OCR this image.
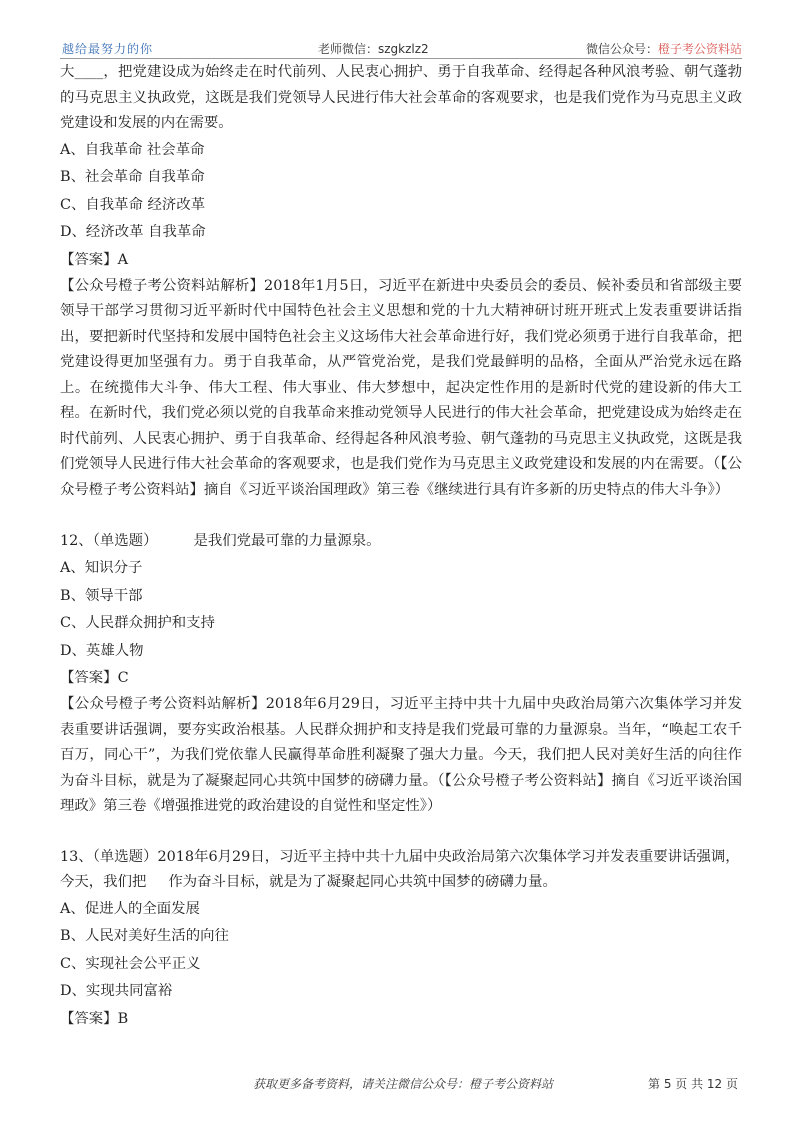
越给最努力的你	老师微信：szgkzlz2	微信公众号：橙子考公资料站

大____，把党建设成为始终走在时代前列、人民衷心拥护、勇于自我革命、经得起各种风浪考验、朝气蓬勃的马克思主义执政党，这既是我们党领导人民进行伟大社会革命的客观要求，也是我们党作为马克思主义政党建设和发展的内在需要。

A、自我革命 社会革命
B、社会革命 自我革命
C、自我革命 经济改革
D、经济改革 自我革命
【答案】A

【公众号橙子考公资料站解析】2018年1月5日，习近平在新进中央委员会的委员、候补委员和省部级主要领导干部学习贯彻习近平新时代中国特色社会主义思想和党的十九大精神研讨班开班式上发表重要讲话指出，要把新时代坚持和发展中国特色社会主义这场伟大社会革命进行好，我们党必须勇于进行自我革命，把党建设得更加坚强有力。勇于自我革命，从严管党治党，是我们党最鲜明的品格，全面从严治党永远在路上。在统揽伟大斗争、伟大工程、伟大事业、伟大梦想中，起决定性作用的是新时代党的建设新的伟大工程。在新时代，我们党必须以党的自我革命来推动党领导人民进行的伟大社会革命，把党建设成为始终走在时代前列、人民衷心拥护、勇于自我革命、经得起各种风浪考验、朝气蓬勃的马克思主义执政党，这既是我们党领导人民进行伟大社会革命的客观要求，也是我们党作为马克思主义政党建设和发展的内在需要。（【公众号橙子考公资料站】摘自《习近平谈治国理政》第三卷《继续进行具有许多新的历史特点的伟大斗争》）

12、（单选题）	是我们党最可靠的力量源泉。

A、知识分子
B、领导干部
C、人民群众拥护和支持
D、英雄人物
【答案】C

【公众号橙子考公资料站解析】2018年6月29日，习近平主持中共十九届中央政治局第六次集体学习并发表重要讲话强调，要夯实政治根基。人民群众拥护和支持是我们党最可靠的力量源泉。当年，“唤起工农千百万，同心干”，为我们党依靠人民赢得革命胜利凝聚了强大力量。今天，我们把人民对美好生活的向往作为奋斗目标，就是为了凝聚起同心共筑中国梦的磅礴力量。（【公众号橙子考公资料站】摘自《习近平谈治国理政》第三卷《增强推进党的政治建设的自觉性和坚定性》）

13、（单选题）2018年6月29日，习近平主持中共十九届中央政治局第六次集体学习并发表重要讲话强调，

今天，我们把 作为奋斗目标，就是为了凝聚起同心共筑中国梦的磅礴力量。

A、促进人的全面发展
B、人民对美好生活的向往
C、实现社会公平正义
D、实现共同富裕
【答案】B
获取更多备考资料，请关注微信公众号：橙子考公资料站	第 5 页 共 12 页
